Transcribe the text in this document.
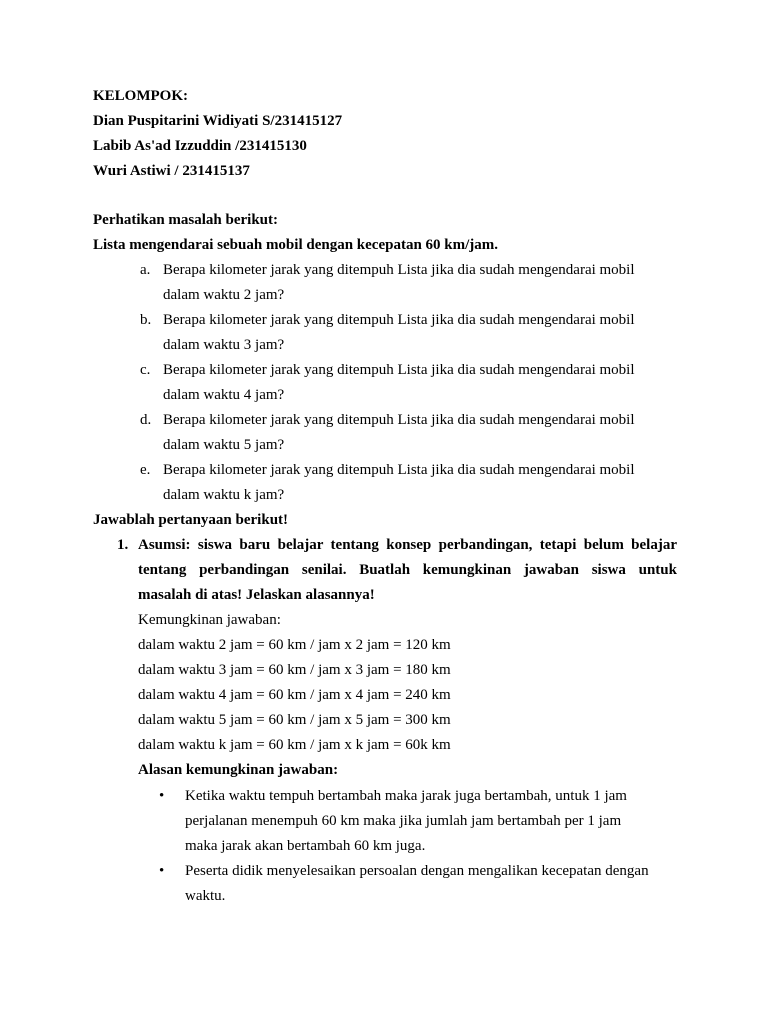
KELOMPOK:
Dian Puspitarini Widiyati S/231415127
Labib As'ad Izzuddin /231415130
Wuri Astiwi / 231415137
Perhatikan masalah berikut:
Lista mengendarai sebuah mobil dengan kecepatan 60 km/jam.
a. Berapa kilometer jarak yang ditempuh Lista jika dia sudah mengendarai mobil
dalam waktu 2 jam?
b. Berapa kilometer jarak yang ditempuh Lista jika dia sudah mengendarai mobil
dalam waktu 3 jam?
c. Berapa kilometer jarak yang ditempuh Lista jika dia sudah mengendarai mobil
dalam waktu 4 jam?
d. Berapa kilometer jarak yang ditempuh Lista jika dia sudah mengendarai mobil
dalam waktu 5 jam?
e. Berapa kilometer jarak yang ditempuh Lista jika dia sudah mengendarai mobil
dalam waktu k jam?
Jawablah pertanyaan berikut!
1. Asumsi: siswa baru belajar tentang konsep perbandingan, tetapi belum belajar
tentang perbandingan senilai. Buatlah kemungkinan jawaban siswa untuk
masalah di atas! Jelaskan alasannya!
Kemungkinan jawaban:
dalam waktu 2 jam = 60 km / jam x 2 jam = 120 km
dalam waktu 3 jam = 60 km / jam x 3 jam = 180 km
dalam waktu 4 jam = 60 km / jam x 4 jam = 240 km
dalam waktu 5 jam = 60 km / jam x 5 jam = 300 km
dalam waktu k jam = 60 km / jam x k jam = 60k km
Alasan kemungkinan jawaban:
• Ketika waktu tempuh bertambah maka jarak juga bertambah, untuk 1 jam
perjalanan menempuh 60 km maka jika jumlah jam bertambah per 1 jam
maka jarak akan bertambah 60 km juga.
• Peserta didik menyelesaikan persoalan dengan mengalikan kecepatan dengan
waktu.
